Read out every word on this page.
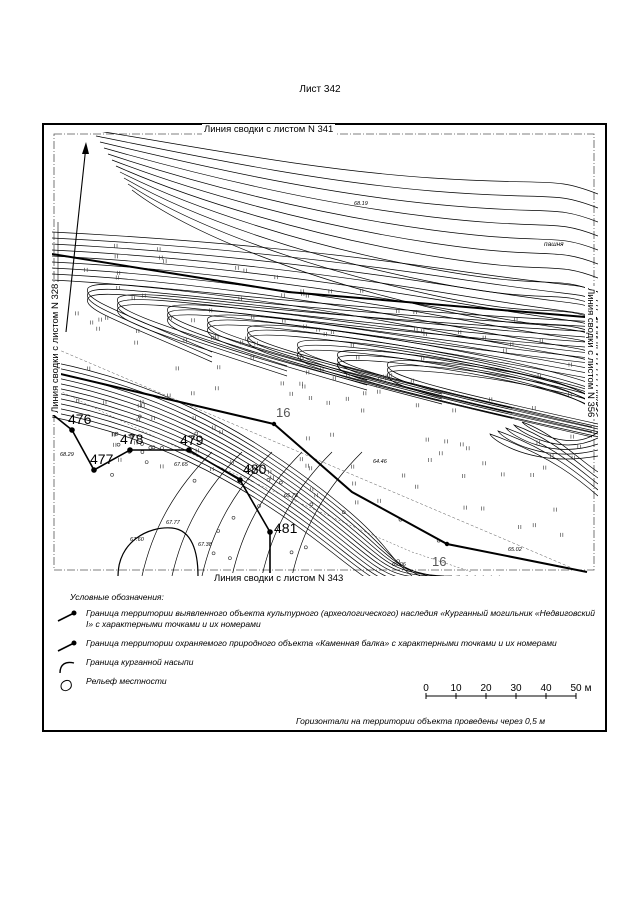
Лист 342
476
477
478	479
480
481
16
16
68.19
68.29
67.65
65.73
67.77
67.38
67.60
64.46
65.02
65.06
пашня
Линия сводки с листом N 341
Линия сводки с листом N 343
Линия сводки с листом N 328	Линия сводки с листом N 356
Условные обозначения:
Граница территории выявленного объекта культурного (археологического) наследия «Курганный могильник «Недвиговский I» с характерными точками и их номерами
Граница территории охраняемого природного объекта «Каменная балка» с характерными точками и их номерами
Граница курганной насыпи
Рельеф местности
0 10 20 30 40 50 м
Горизонтали на территории объекта проведены через 0,5 м
